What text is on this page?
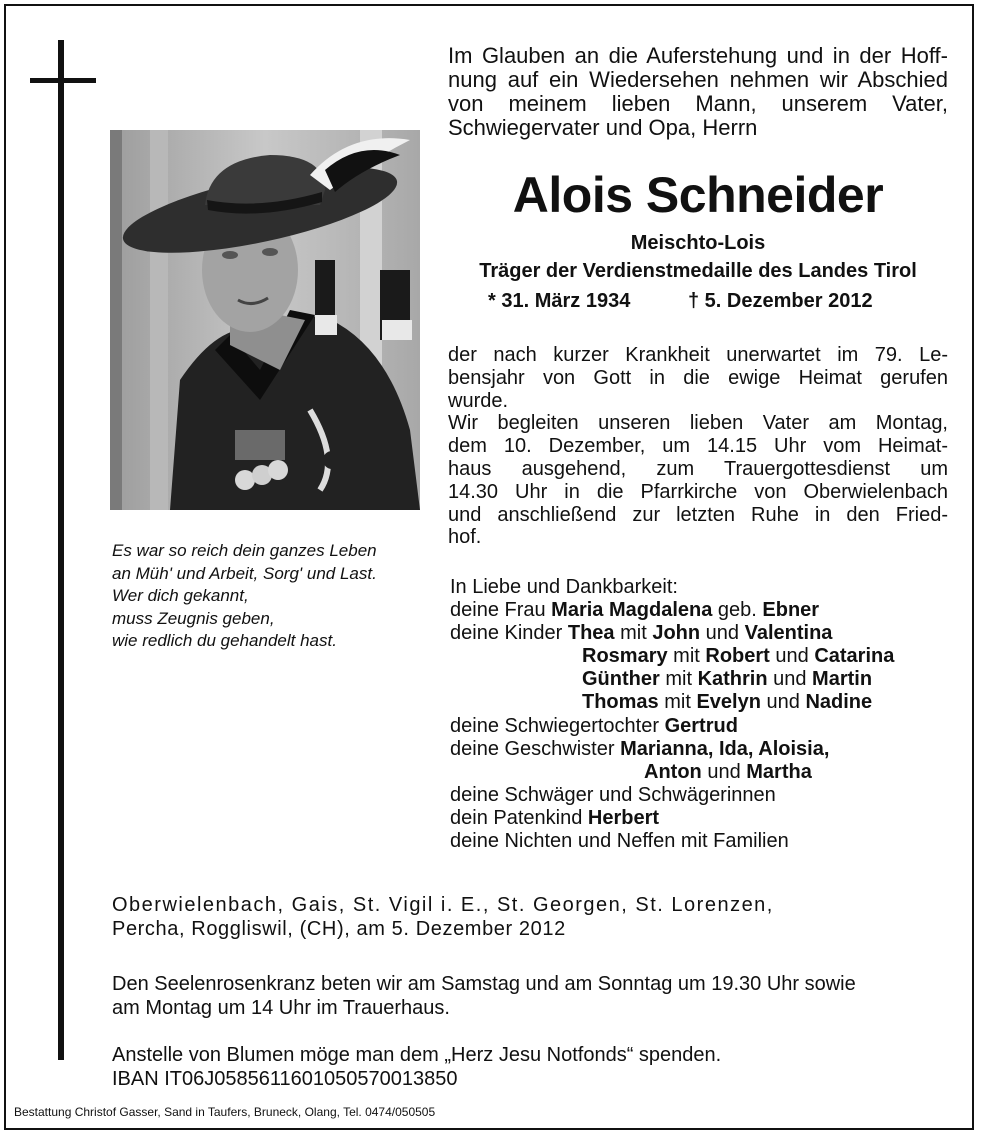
Im Glauben an die Auferstehung und in der Hoff-
nung auf ein Wiedersehen nehmen wir Abschied
von meinem lieben Mann, unserem Vater,
Schwiegervater und Opa, Herrn
Alois Schneider
Meischto-Lois
Träger der Verdienstmedaille des Landes Tirol
* 31. März 1934	† 5. Dezember 2012
der nach kurzer Krankheit unerwartet im 79. Le-
bensjahr von Gott in die ewige Heimat gerufen
wurde.
Wir begleiten unseren lieben Vater am Montag,
dem 10. Dezember, um 14.15 Uhr vom Heimat-
haus ausgehend, zum Trauergottesdienst um
14.30 Uhr in die Pfarrkirche von Oberwielenbach
und anschließend zur letzten Ruhe in den Fried-
hof.
Es war so reich dein ganzes Leben
an Müh' und Arbeit, Sorg' und Last.
Wer dich gekannt,
muss Zeugnis geben,
wie redlich du gehandelt hast.
In Liebe und Dankbarkeit:
deine Frau Maria Magdalena geb. Ebner
deine Kinder Thea mit John und Valentina
Rosmary mit Robert und Catarina
Günther mit Kathrin und Martin
Thomas mit Evelyn und Nadine
deine Schwiegertochter Gertrud
deine Geschwister Marianna, Ida, Aloisia,
Anton und Martha
deine Schwäger und Schwägerinnen
dein Patenkind Herbert
deine Nichten und Neffen mit Familien
Oberwielenbach, Gais, St. Vigil i. E., St. Georgen, St. Lorenzen,
Percha, Roggliswil, (CH), am 5. Dezember 2012
Den Seelenrosenkranz beten wir am Samstag und am Sonntag um 19.30 Uhr sowie
am Montag um 14 Uhr im Trauerhaus.
Anstelle von Blumen möge man dem „Herz Jesu Notfonds“ spenden.
IBAN IT06J0585611601050570013850
Bestattung Christof Gasser, Sand in Taufers, Bruneck, Olang, Tel. 0474/050505
